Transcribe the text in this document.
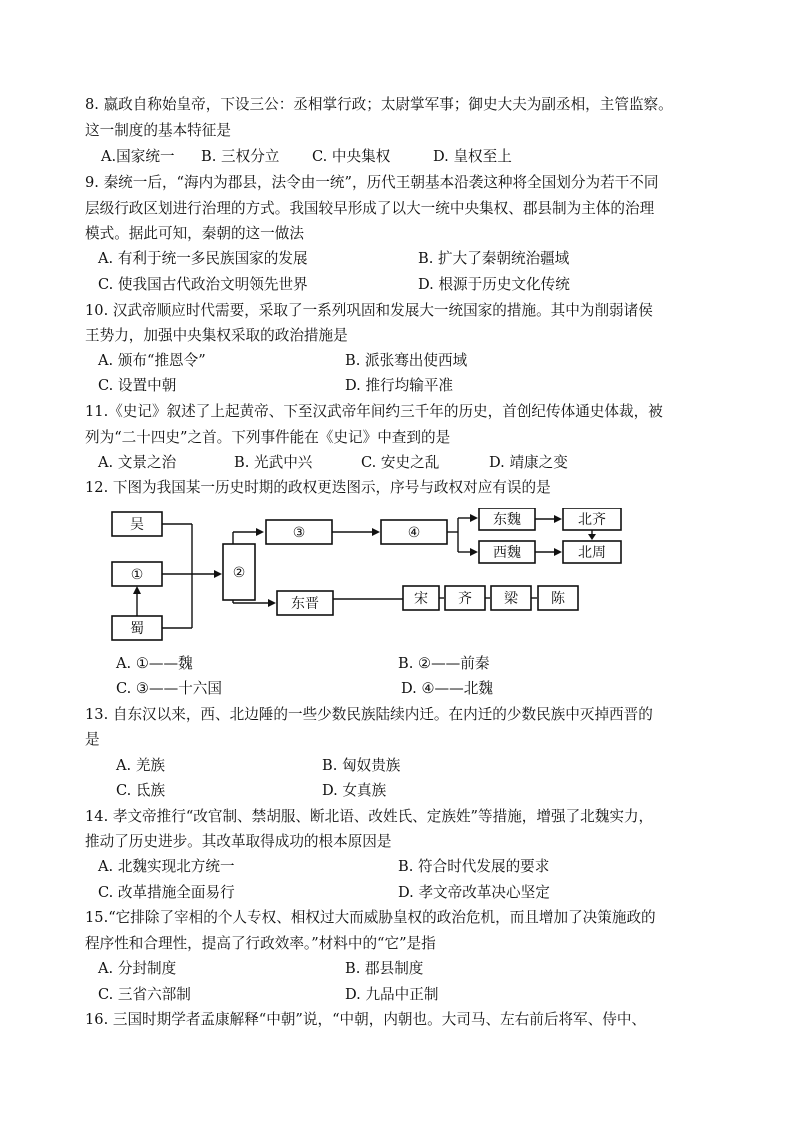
8. 嬴政自称始皇帝，下设三公：丞相掌行政；太尉掌军事；御史大夫为副丞相，主管监察。
这一制度的基本特征是
A.国家统一 B. 三权分立 C. 中央集权	D. 皇权至上
9. 秦统一后，“海内为郡县，法令由一统”，历代王朝基本沿袭这种将全国划分为若干不同
层级行政区划进行治理的方式。我国较早形成了以大一统中央集权、郡县制为主体的治理
模式。据此可知，秦朝的这一做法
A. 有利于统一多民族国家的发展	B. 扩大了秦朝统治疆域
C. 使我国古代政治文明领先世界	D. 根源于历史文化传统
10. 汉武帝顺应时代需要，采取了一系列巩固和发展大一统国家的措施。其中为削弱诸侯
王势力，加强中央集权采取的政治措施是
A. 颁布“推恩令”	B. 派张骞出使西域
C. 设置中朝	D. 推行均输平准
11.《史记》叙述了上起黄帝、下至汉武帝年间约三千年的历史，首创纪传体通史体裁，被
列为“二十四史”之首。下列事件能在《史记》中查到的是
A. 文景之治	B. 光武中兴	C. 安史之乱	D. 靖康之变
12. 下图为我国某一历史时期的政权更迭图示，序号与政权对应有误的是
吴
①
蜀
②
③	④
东魏
西魏
北齐
北周
东晋	宋 齐 梁 陈
A. ①——魏	B. ②——前秦
C. ③——十六国	D. ④——北魏
13. 自东汉以来，西、北边陲的一些少数民族陆续内迁。在内迁的少数民族中灭掉西晋的
是
A. 羌族	B. 匈奴贵族
C. 氐族	D. 女真族
14. 孝文帝推行“改官制、禁胡服、断北语、改姓氏、定族姓”等措施，增强了北魏实力，
推动了历史进步。其改革取得成功的根本原因是
A. 北魏实现北方统一	B. 符合时代发展的要求
C. 改革措施全面易行	D. 孝文帝改革决心坚定
15.“它排除了宰相的个人专权、相权过大而威胁皇权的政治危机，而且增加了决策施政的
程序性和合理性，提高了行政效率。”材料中的“它”是指
A. 分封制度	B. 郡县制度
C. 三省六部制	D. 九品中正制
16. 三国时期学者孟康解释“中朝”说，“中朝，内朝也。大司马、左右前后将军、侍中、
